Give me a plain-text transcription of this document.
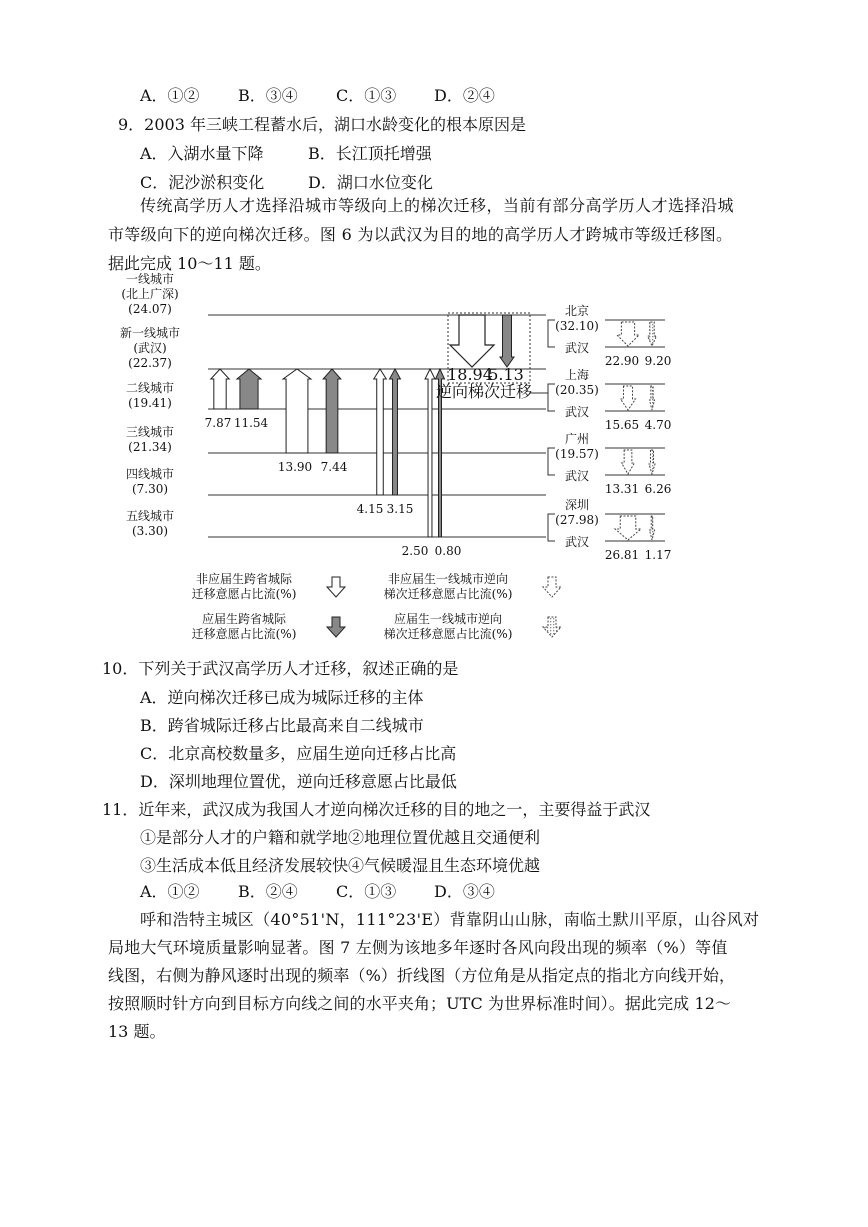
A．①② B．③④ C．①③ D．②④
9．2003 年三峡工程蓄水后，湖口水龄变化的根本原因是
A．入湖水量下降	B．长江顶托增强
C．泥沙淤积变化	D．湖口水位变化
传统高学历人才选择沿城市等级向上的梯次迁移，当前有部分高学历人才选择沿城
市等级向下的逆向梯次迁移。图 6 为以武汉为目的地的高学历人才跨城市等级迁移图。
据此完成 10～11 题。
一线城市
(北上广深)
(24.07)
新一线城市
(武汉)
(22.37)
二线城市
(19.41)
三线城市
(21.34)
四线城市
(7.30)
五线城市
(3.30)
7.87 11.54
13.90 7.44
4.15 3.15
2.50 0.80
18.94
5.13
逆向梯次迁移
北京
(32.10)
武汉
22.90 9.20
上海
(20.35)
武汉
15.65 4.70
广州
(19.57)
武汉
13.31 6.26
深圳
(27.98)
武汉
26.81 1.17
非应届生跨省城际
迁移意愿占比流(%)
非应届生一线城市逆向
梯次迁移意愿占比流(%)
应届生跨省城际
迁移意愿占比流(%)
应届生一线城市逆向
梯次迁移意愿占比流(%)
10．下列关于武汉高学历人才迁移，叙述正确的是
A．逆向梯次迁移已成为城际迁移的主体
B．跨省城际迁移占比最高来自二线城市
C．北京高校数量多，应届生逆向迁移占比高
D．深圳地理位置优，逆向迁移意愿占比最低
11．近年来，武汉成为我国人才逆向梯次迁移的目的地之一，主要得益于武汉
①是部分人才的户籍和就学地②地理位置优越且交通便利
③生活成本低且经济发展较快④气候暖湿且生态环境优越
A．①② B．②④ C．①③ D．③④
呼和浩特主城区（40°51'N，111°23'E）背靠阴山山脉，南临土默川平原，山谷风对
局地大气环境质量影响显著。图 7 左侧为该地多年逐时各风向段出现的频率（%）等值
线图，右侧为静风逐时出现的频率（%）折线图（方位角是从指定点的指北方向线开始，
按照顺时针方向到目标方向线之间的水平夹角；UTC 为世界标准时间）。据此完成 12～
13 题。
